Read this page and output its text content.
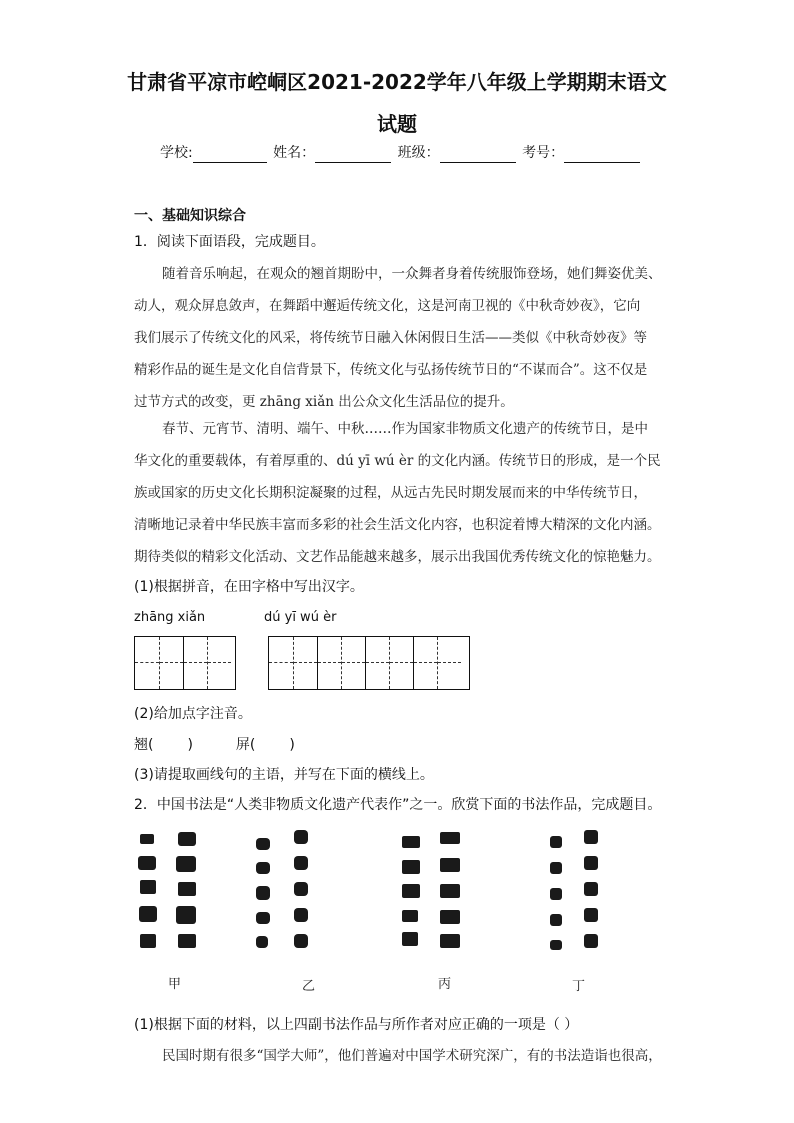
甘肃省平凉市崆峒区2021-2022学年八年级上学期期末语文
试题
学校:	姓名：	班级：	考号：
一、基础知识综合
1．阅读下面语段，完成题目。
随着音乐响起，在观众的翘首期盼中，一众舞者身着传统服饰登场，她们舞姿优美、
动人，观众屏息敛声，在舞蹈中邂逅传统文化，这是河南卫视的《中秋奇妙夜》，它向
我们展示了传统文化的风采，将传统节日融入休闲假日生活——类似《中秋奇妙夜》等
精彩作品的诞生是文化自信背景下，传统文化与弘扬传统节日的“不谋而合”。这不仅是
过节方式的改变，更 zhāng xiǎn 出公众文化生活品位的提升。
春节、元宵节、清明、端午、中秋……作为国家非物质文化遗产的传统节日，是中
华文化的重要载体，有着厚重的、dú yī wú èr 的文化内涵。传统节日的形成，是一个民
族或国家的历史文化长期积淀凝聚的过程，从远古先民时期发展而来的中华传统节日，
清晰地记录着中华民族丰富而多彩的社会生活文化内容，也积淀着博大精深的文化内涵。
期待类似的精彩文化活动、文艺作品能越来越多，展示出我国优秀传统文化的惊艳魅力。
(1)根据拼音，在田字格中写出汉字。
zhāng xiǎn	dú yī wú èr
(2)给加点字注音。
翘( )	屏( )
(3)请提取画线句的主语，并写在下面的横线上。
2．中国书法是“人类非物质文化遗产代表作”之一。欣赏下面的书法作品，完成题目。
甲	乙	丙	丁
(1)根据下面的材料，以上四副书法作品与所作者对应正确的一项是（ ）
民国时期有很多“国学大师”，他们普遍对中国学术研究深广，有的书法造诣也很高，
